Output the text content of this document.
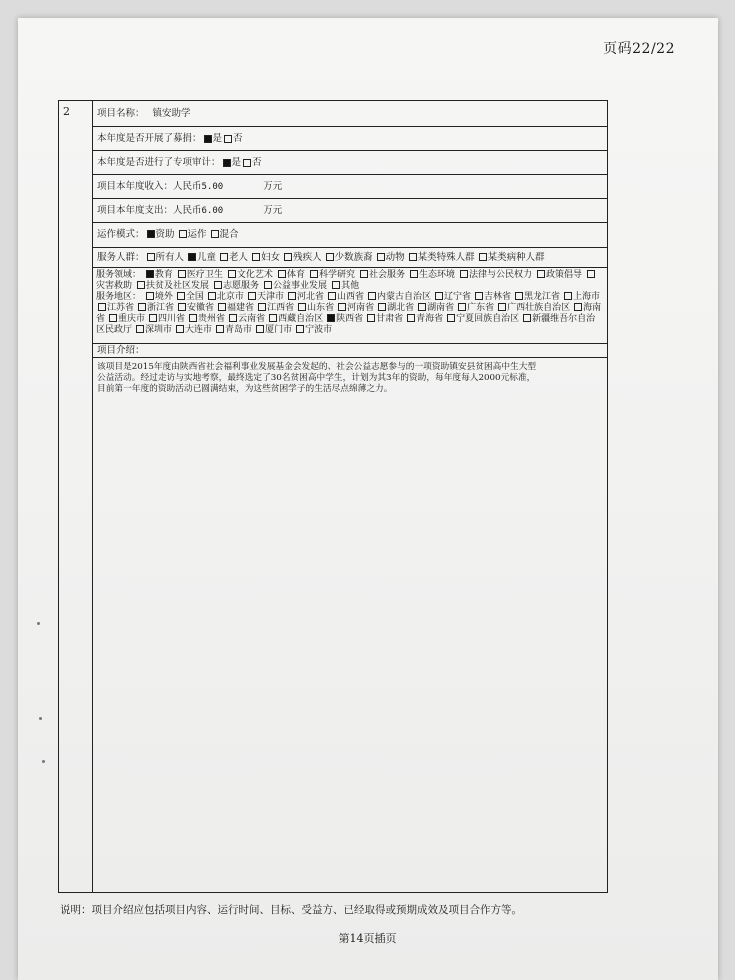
页码22/22
2	项目名称： 镇安助学
本年度是否开展了募捐： 是 否
本年度是否进行了专项审计： 是 否
项目本年度收入：人民币 5.00	万元
项目本年度支出：人民币 6.00	万元
运作模式：	资助 运作 混合
服务人群：	所有人 儿童 老人 妇女 残疾人 少数族裔 动物 某类特殊人群 某类病种人群
服务领域： 教育 医疗卫生 文化艺术 体育 科学研究 社会服务 生态环境 法律与公民权力 政策倡导灾害救助 扶贫及社区发展 志愿服务 公益事业发展 其他
服务地区： 境外 全国 北京市 天津市 河北省 山西省 内蒙古自治区 辽宁省 吉林省 黑龙江省 上海市江苏省 浙江省 安徽省 福建省 江西省 山东省 河南省 湖北省 湖南省 广东省 广西壮族自治区 海南省 重庆市 四川省 贵州省 云南省 西藏自治区 陕西省 甘肃省 青海省 宁夏回族自治区 新疆维吾尔自治区民政厅 深圳市 大连市 青岛市 厦门市 宁波市
项目介绍：
该项目是2015年度由陕西省社会福利事业发展基金会发起的、社会公益志愿参与的一项资助镇安县贫困高中生大型
公益活动。经过走访与实地考察，最终选定了30名贫困高中学生，计划为其3年的资助，每年度每人2000元标准，
目前第一年度的资助活动已圆满结束，为这些贫困学子的生活尽点绵薄之力。
说明：项目介绍应包括项目内容、运行时间、目标、受益方、已经取得或预期成效及项目合作方等。
第14页插页
